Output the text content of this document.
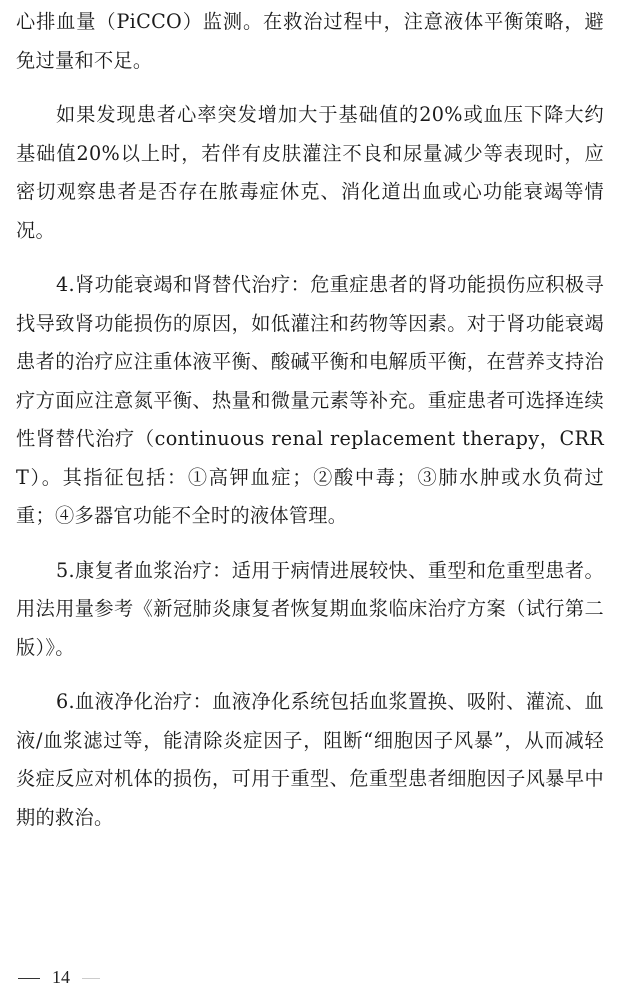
心排血量（PiCCO）监测。在救治过程中，注意液体平衡策略，避免过量和不足。

如果发现患者心率突发增加大于基础值的20%或血压下降大约基础值20%以上时，若伴有皮肤灌注不良和尿量减少等表现时，应密切观察患者是否存在脓毒症休克、消化道出血或心功能衰竭等情况。

4.肾功能衰竭和肾替代治疗：危重症患者的肾功能损伤应积极寻找导致肾功能损伤的原因，如低灌注和药物等因素。对于肾功能衰竭患者的治疗应注重体液平衡、酸碱平衡和电解质平衡，在营养支持治疗方面应注意氮平衡、热量和微量元素等补充。重症患者可选择连续性肾替代治疗（continuous renal replacement therapy，CRRT）。其指征包括：①高钾血症；②酸中毒；③肺水肿或水负荷过重；④多器官功能不全时的液体管理。

5.康复者血浆治疗：适用于病情进展较快、重型和危重型患者。用法用量参考《新冠肺炎康复者恢复期血浆临床治疗方案（试行第二版）》。

6.血液净化治疗：血液净化系统包括血浆置换、吸附、灌流、血液/血浆滤过等，能清除炎症因子，阻断“细胞因子风暴”，从而减轻炎症反应对机体的损伤，可用于重型、危重型患者细胞因子风暴早中期的救治。

14
